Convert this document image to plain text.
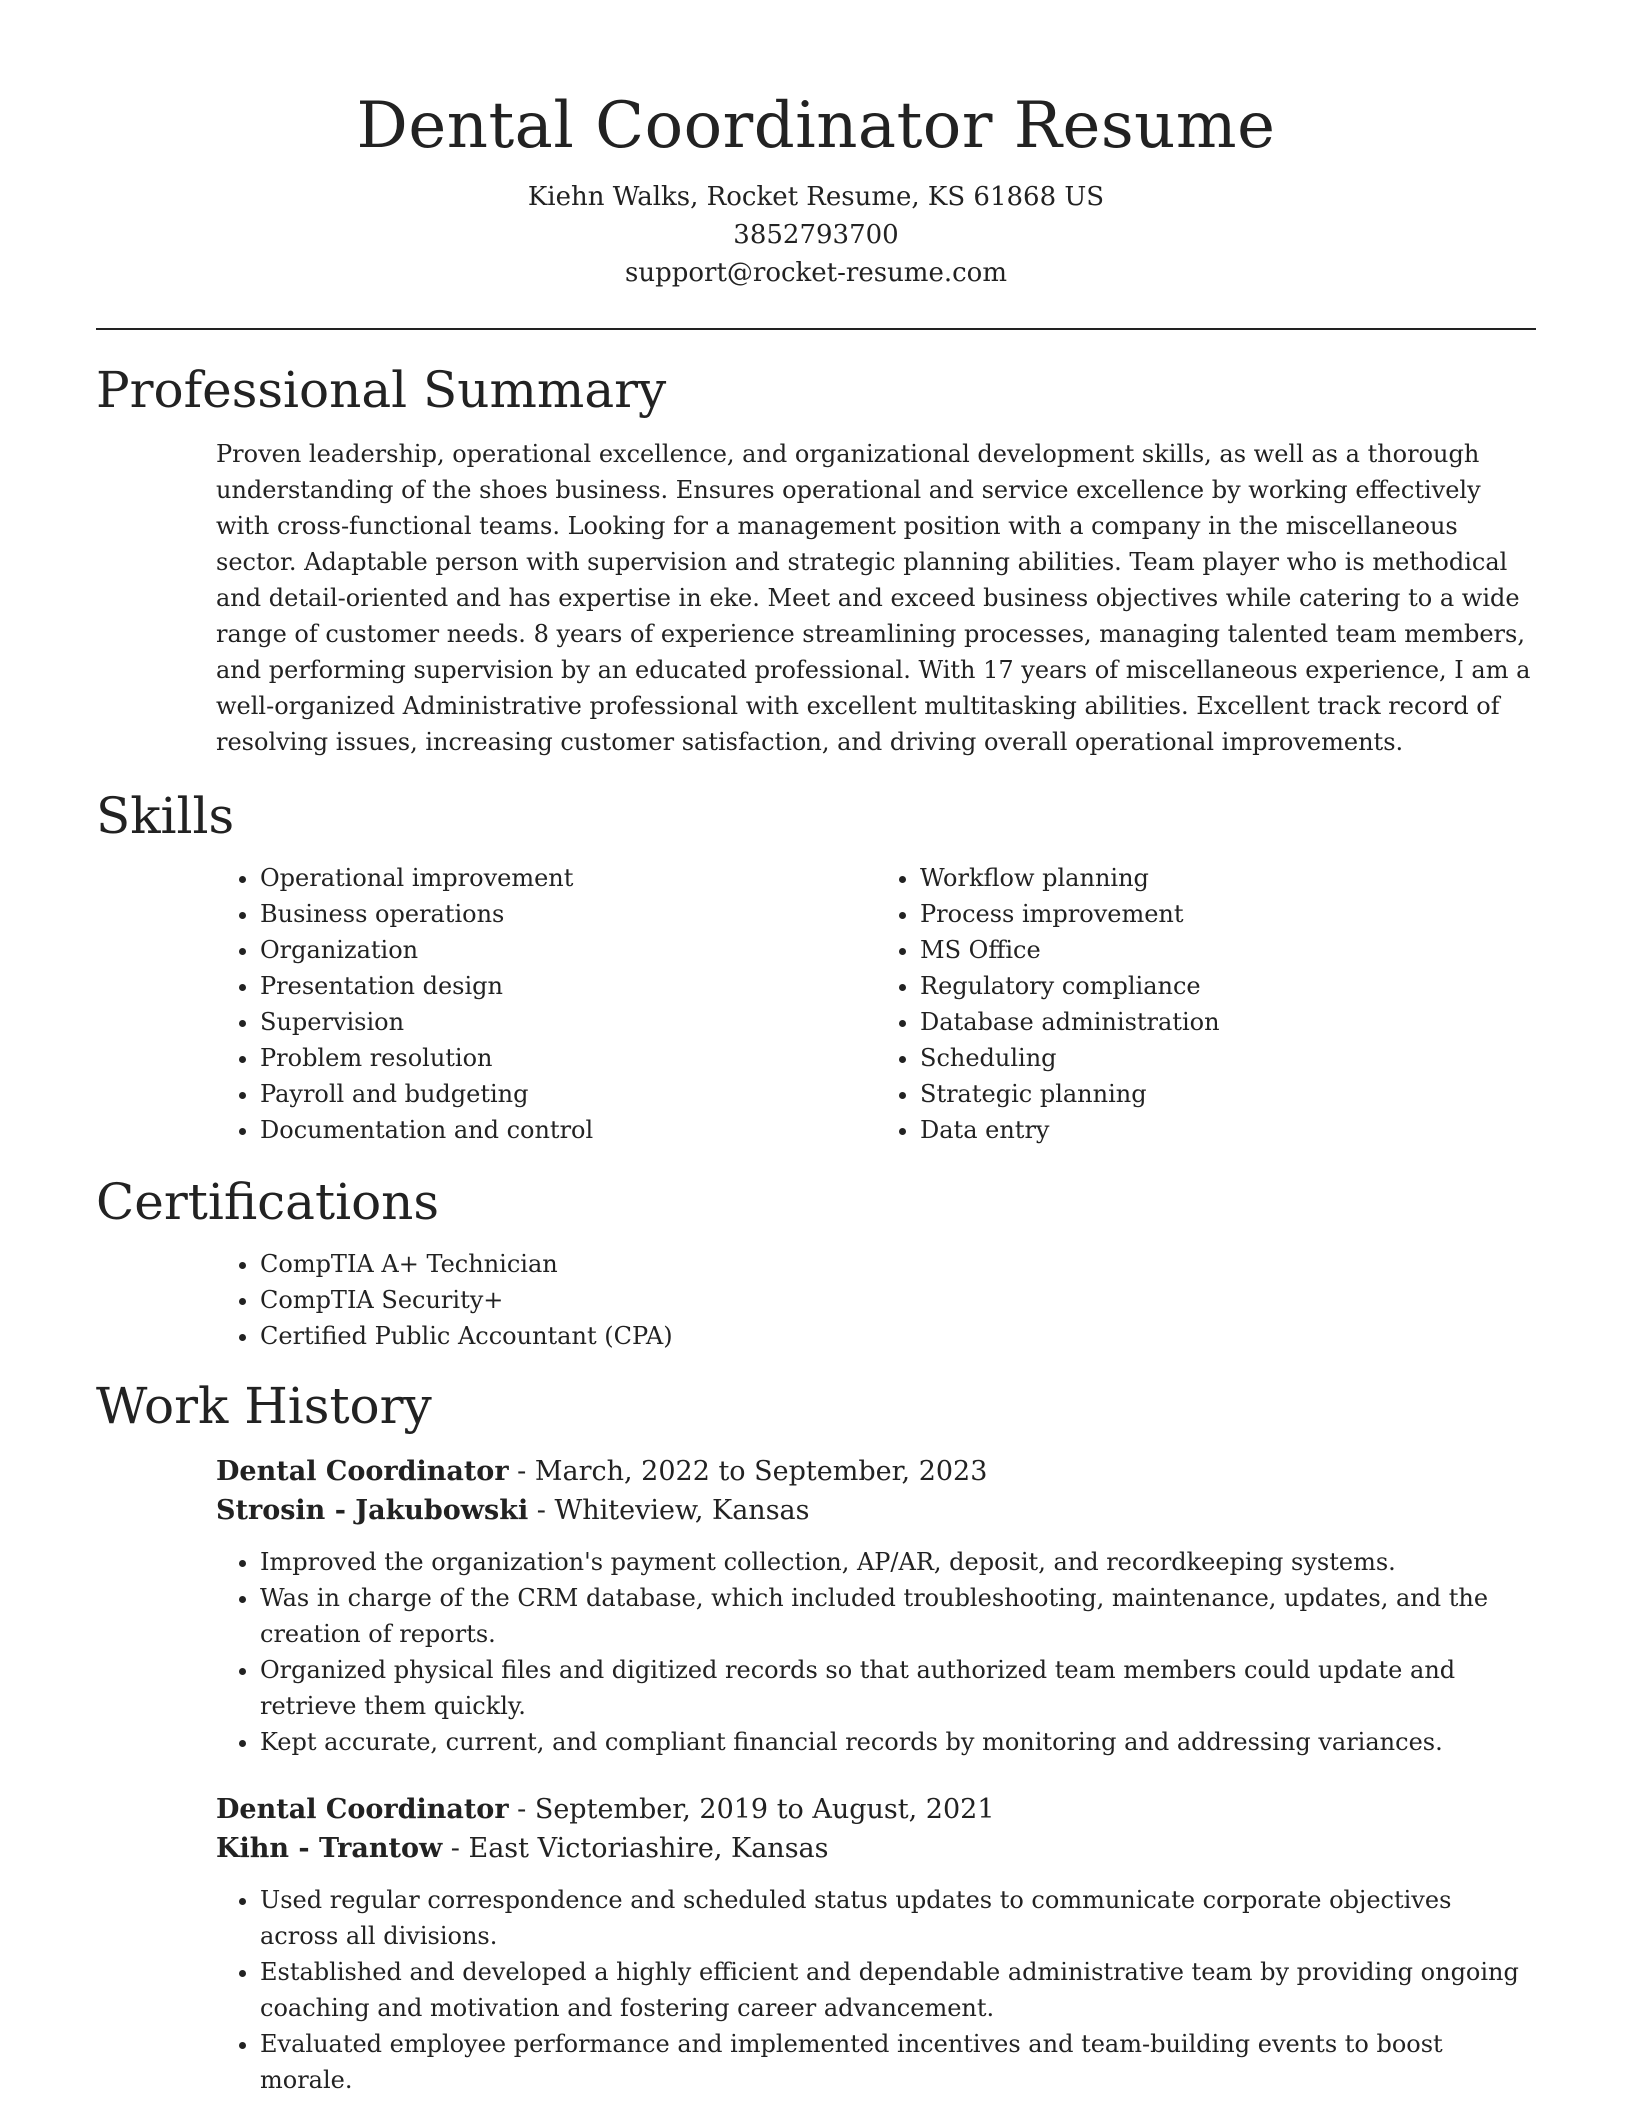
Dental Coordinator Resume

Kiehn Walks, Rocket Resume, KS 61868 US

3852793700

support@rocket-resume.com

Professional Summary

Proven leadership, operational excellence, and organizational development skills, as well as a thorough understanding of the shoes business. Ensures operational and service excellence by working effectively with cross-functional teams. Looking for a management position with a company in the miscellaneous sector. Adaptable person with supervision and strategic planning abilities. Team player who is methodical and detail-oriented and has expertise in eke. Meet and exceed business objectives while catering to a wide range of customer needs. 8 years of experience streamlining processes, managing talented team members, and performing supervision by an educated professional. With 17 years of miscellaneous experience, I am a well-organized Administrative professional with excellent multitasking abilities. Excellent track record of resolving issues, increasing customer satisfaction, and driving overall operational improvements.

Skills
• Operational improvement
• Business operations
• Organization
• Presentation design
• Supervision
• Problem resolution
• Payroll and budgeting
• Documentation and control
• Workflow planning
• Process improvement
• MS Office
• Regulatory compliance
• Database administration
• Scheduling
• Strategic planning
• Data entry
Certifications
• CompTIA A+ Technician
• CompTIA Security+
• Certified Public Accountant (CPA)
Work History

Dental Coordinator - March, 2022 to September, 2023

Strosin - Jakubowski - Whiteview, Kansas

• Improved the organization's payment collection, AP/AR, deposit, and recordkeeping systems.
• Was in charge of the CRM database, which included troubleshooting, maintenance, updates, and the creation of reports.
• Organized physical files and digitized records so that authorized team members could update and retrieve them quickly.
• Kept accurate, current, and compliant financial records by monitoring and addressing variances.

Dental Coordinator - September, 2019 to August, 2021

Kihn - Trantow - East Victoriashire, Kansas

• Used regular correspondence and scheduled status updates to communicate corporate objectives across all divisions.
• Established and developed a highly efficient and dependable administrative team by providing ongoing coaching and motivation and fostering career advancement.
• Evaluated employee performance and implemented incentives and team-building events to boost morale.
